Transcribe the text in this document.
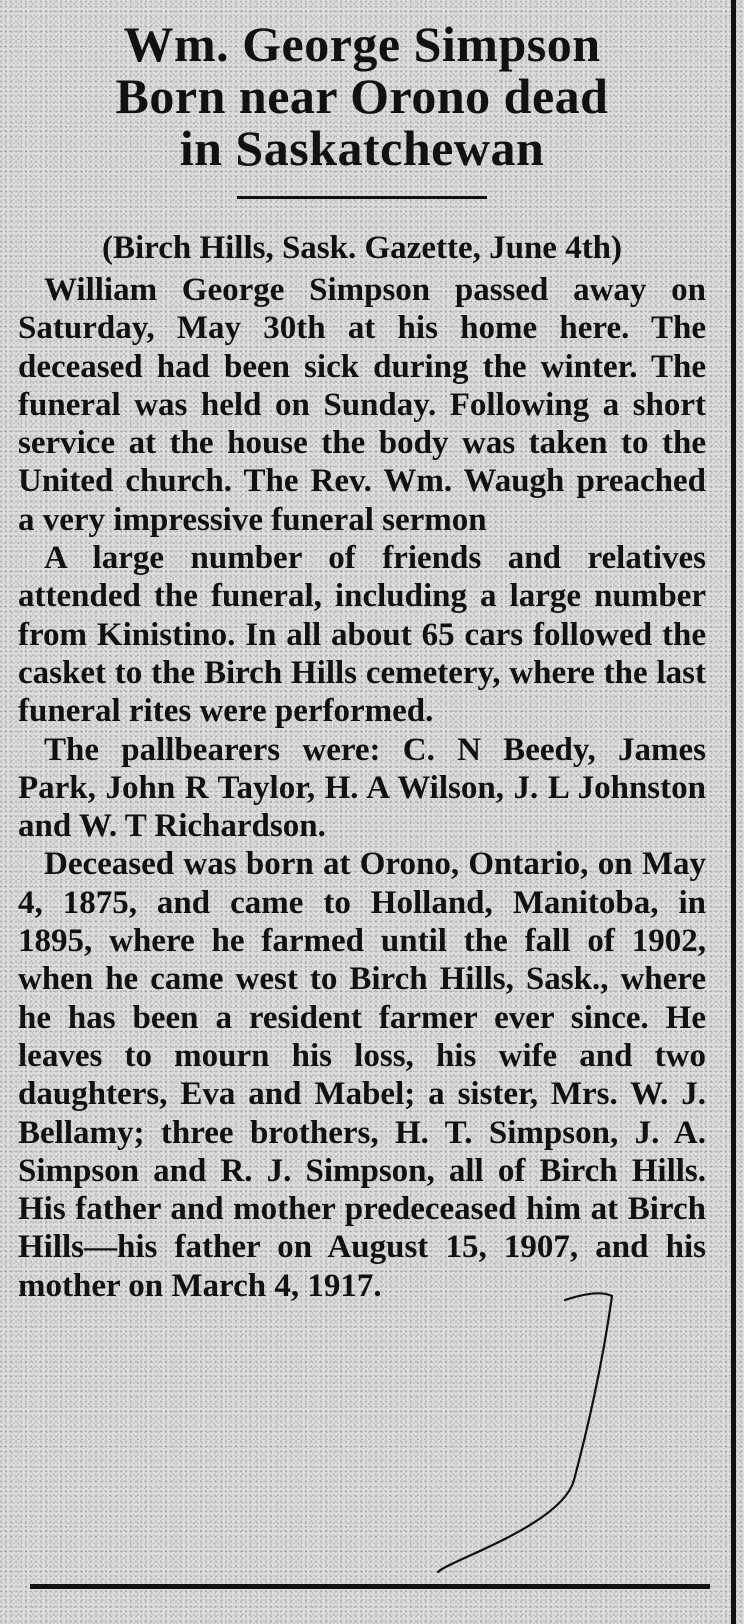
Wm. George Simpson
Born near Orono dead
in Saskatchewan

(Birch Hills, Sask. Gazette, June 4th)

William George Simpson passed away on Saturday, May 30th at his home here. The deceased had been sick during the winter. The funeral was held on Sunday. Following a short service at the house the body was taken to the United church. The Rev. Wm. Waugh preached a very impressive funeral sermon

A large number of friends and relatives attended the funeral, including a large number from Kinistino. In all about 65 cars followed the casket to the Birch Hills cemetery, where the last funeral rites were performed.

The pallbearers were: C. N Beedy, James Park, John R Taylor, H. A Wilson, J. L Johnston and W. T Richardson.

Deceased was born at Orono, Ontario, on May 4, 1875, and came to Holland, Manitoba, in 1895, where he farmed until the fall of 1902, when he came west to Birch Hills, Sask., where he has been a resident farmer ever since. He leaves to mourn his loss, his wife and two daughters, Eva and Mabel; a sister, Mrs. W. J. Bellamy; three brothers, H. T. Simpson, J. A. Simpson and R. J. Simpson, all of Birch Hills. His father and mother predeceased him at Birch Hills—his father on August 15, 1907, and his mother on March 4, 1917.
